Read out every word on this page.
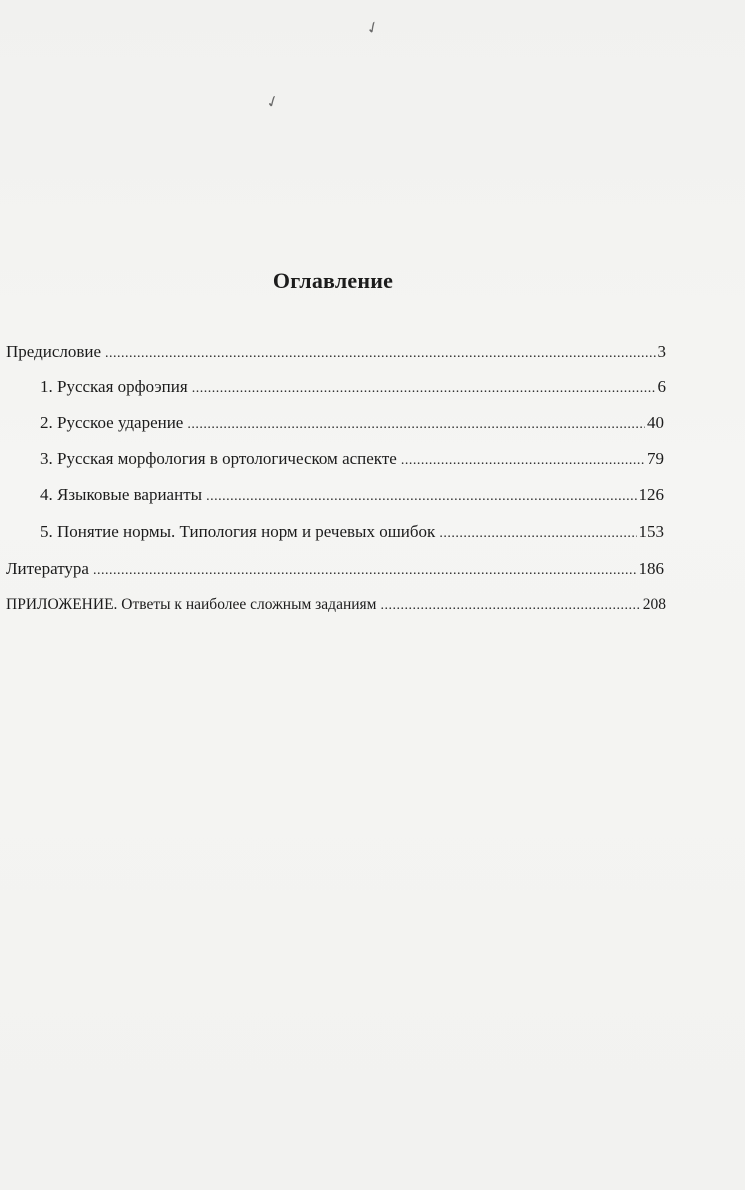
✓
✓
Оглавление
Предисловие .....	3
1. Русская орфоэпия .....	6
2. Русское ударение .....	40
3. Русская морфология в ортологическом аспекте .....	79
4. Языковые варианты .....	126
5. Понятие нормы. Типология норм и речевых ошибок .....	153
Литература .....	186
ПРИЛОЖЕНИЕ. Ответы к наиболее сложным заданиям .....	208
